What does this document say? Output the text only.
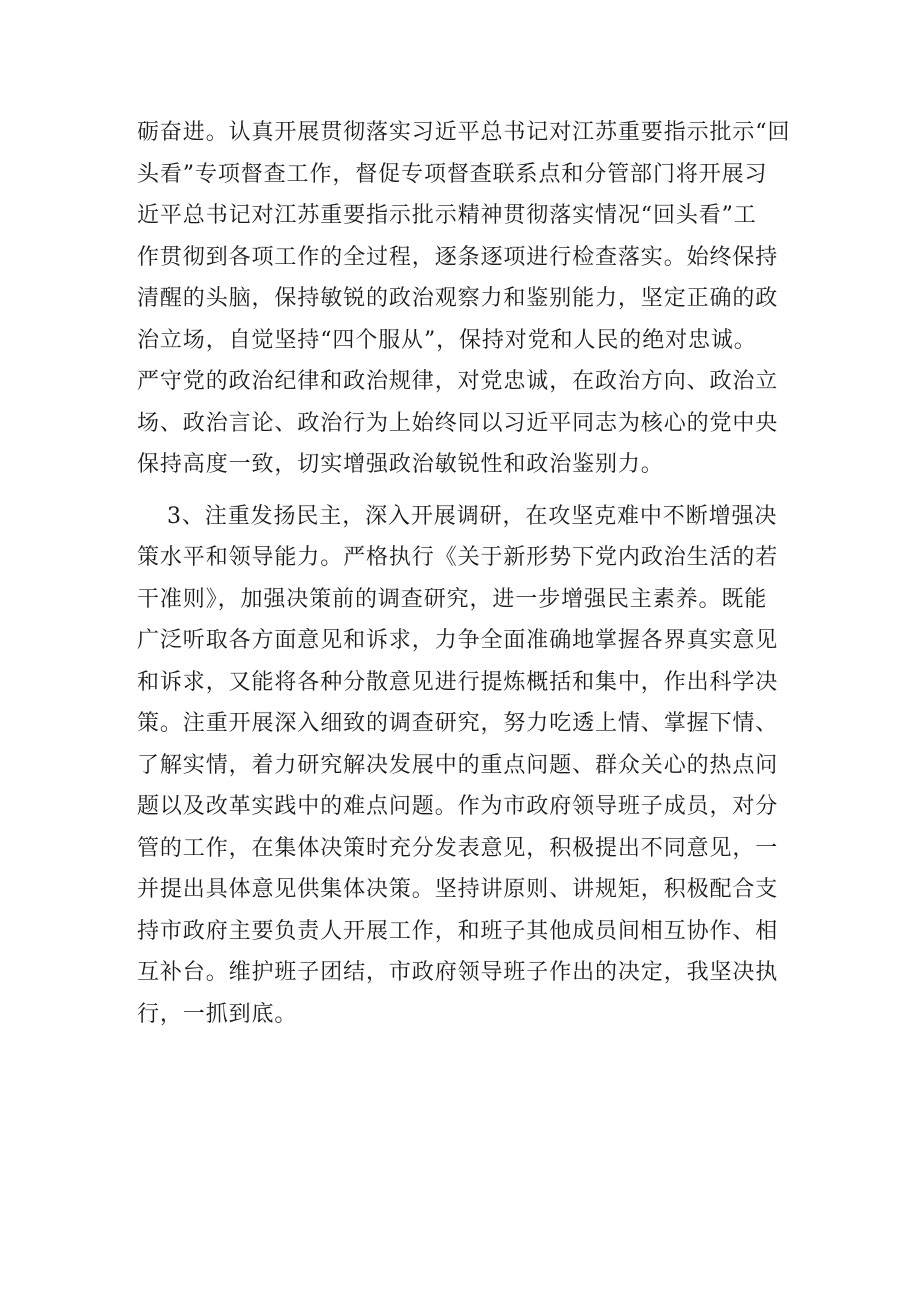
砺奋进。认真开展贯彻落实习近平总书记对江苏重要指示批示“回
头看”专项督查工作，督促专项督查联系点和分管部门将开展习
近平总书记对江苏重要指示批示精神贯彻落实情况“回头看”工
作贯彻到各项工作的全过程，逐条逐项进行检查落实。始终保持
清醒的头脑，保持敏锐的政治观察力和鉴别能力，坚定正确的政
治立场，自觉坚持“四个服从”，保持对党和人民的绝对忠诚。
严守党的政治纪律和政治规律，对党忠诚，在政治方向、政治立
场、政治言论、政治行为上始终同以习近平同志为核心的党中央
保持高度一致，切实增强政治敏锐性和政治鉴别力。
3、注重发扬民主，深入开展调研，在攻坚克难中不断增强决
策水平和领导能力。严格执行《关于新形势下党内政治生活的若
干准则》，加强决策前的调查研究，进一步增强民主素养。既能
广泛听取各方面意见和诉求，力争全面准确地掌握各界真实意见
和诉求，又能将各种分散意见进行提炼概括和集中，作出科学决
策。注重开展深入细致的调查研究，努力吃透上情、掌握下情、
了解实情，着力研究解决发展中的重点问题、群众关心的热点问
题以及改革实践中的难点问题。作为市政府领导班子成员，对分
管的工作，在集体决策时充分发表意见，积极提出不同意见，一
并提出具体意见供集体决策。坚持讲原则、讲规矩，积极配合支
持市政府主要负责人开展工作，和班子其他成员间相互协作、相
互补台。维护班子团结，市政府领导班子作出的决定，我坚决执
行，一抓到底。
